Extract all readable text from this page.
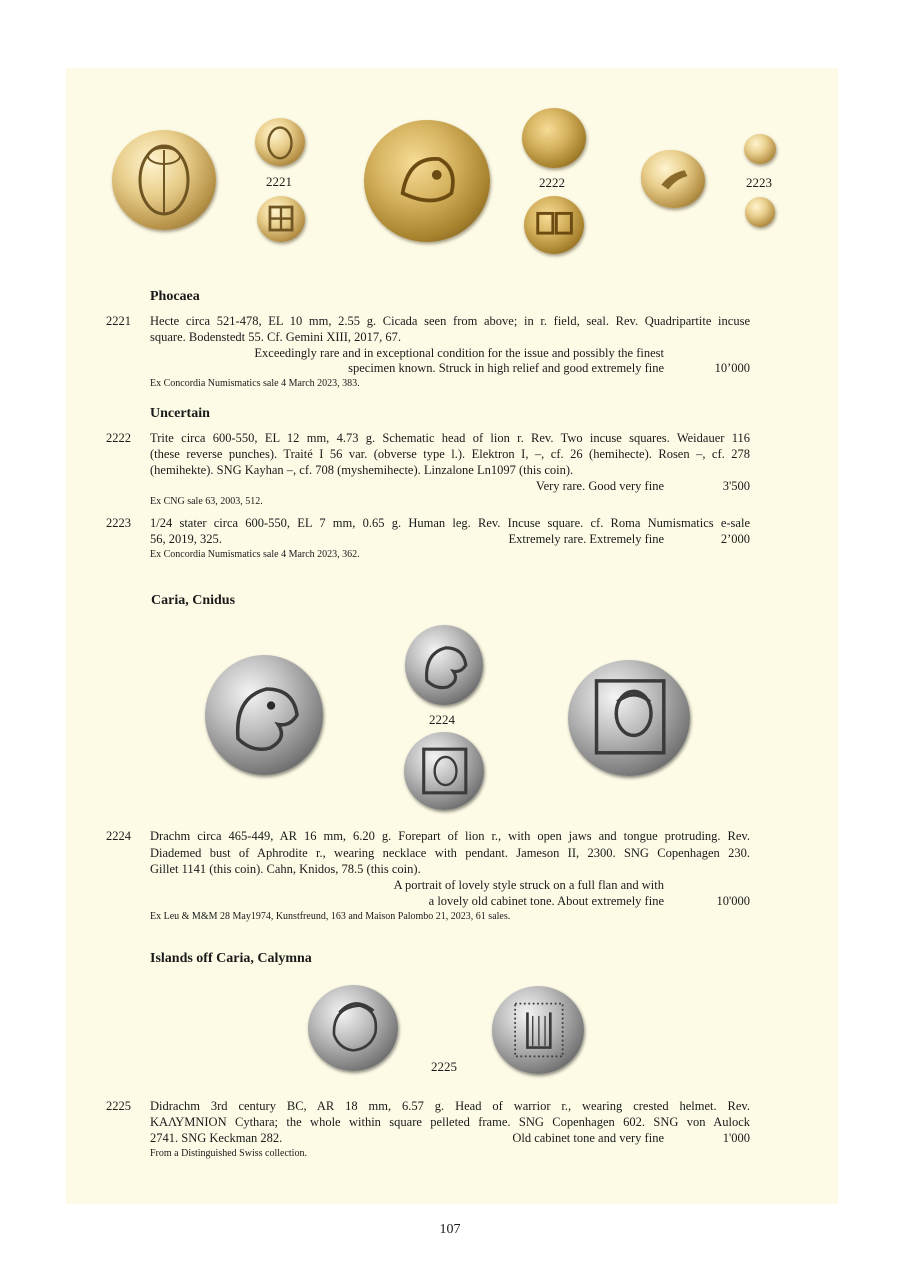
2221	2222	2223
Phocaea
2221 Hecte circa 521-478, EL 10 mm, 2.55 g. Cicada seen from above; in r. field, seal. Rev. Quadripartite incuse
square. Bodenstedt 55. Cf. Gemini XIII, 2017, 67.
Exceedingly rare and in exceptional condition for the issue and possibly the finest
specimen known. Struck in high relief and good extremely fine	10’000
Ex Concordia Numismatics sale 4 March 2023, 383.
Uncertain
2222 Trite circa 600-550, EL 12 mm, 4.73 g. Schematic head of lion r. Rev. Two incuse squares. Weidauer 116
(these reverse punches). Traité I 56 var. (obverse type l.). Elektron I, –, cf. 26 (hemihecte). Rosen –, cf. 278
(hemihekte). SNG Kayhan –, cf. 708 (myshemihecte). Linzalone Ln1097 (this coin).
Very rare. Good very fine	3'500
Ex CNG sale 63, 2003, 512.
2223 1/24 stater circa 600-550, EL 7 mm, 0.65 g. Human leg. Rev. Incuse square. cf. Roma Numismatics e-sale
56, 2019, 325.	Extremely rare. Extremely fine	2’000
Ex Concordia Numismatics sale 4 March 2023, 362.
Caria, Cnidus
2224
2224 Drachm circa 465-449, AR 16 mm, 6.20 g. Forepart of lion r., with open jaws and tongue protruding. Rev.
Diademed bust of Aphrodite r., wearing necklace with pendant. Jameson II, 2300. SNG Copenhagen 230.
Gillet 1141 (this coin). Cahn, Knidos, 78.5 (this coin).
A portrait of lovely style struck on a full flan and with
a lovely old cabinet tone. About extremely fine	10'000
Ex Leu & M&M 28 May1974, Kunstfreund, 163 and Maison Palombo 21, 2023, 61 sales.
Islands off Caria, Calymna
2225
2225 Didrachm 3rd century BC, AR 18 mm, 6.57 g. Head of warrior r., wearing crested helmet. Rev.
ΚΑΛΥΜΝΙΟΝ Cythara; the whole within square pelleted frame. SNG Copenhagen 602. SNG von Aulock
2741. SNG Keckman 282.	Old cabinet tone and very fine	1'000
From a Distinguished Swiss collection.
107
